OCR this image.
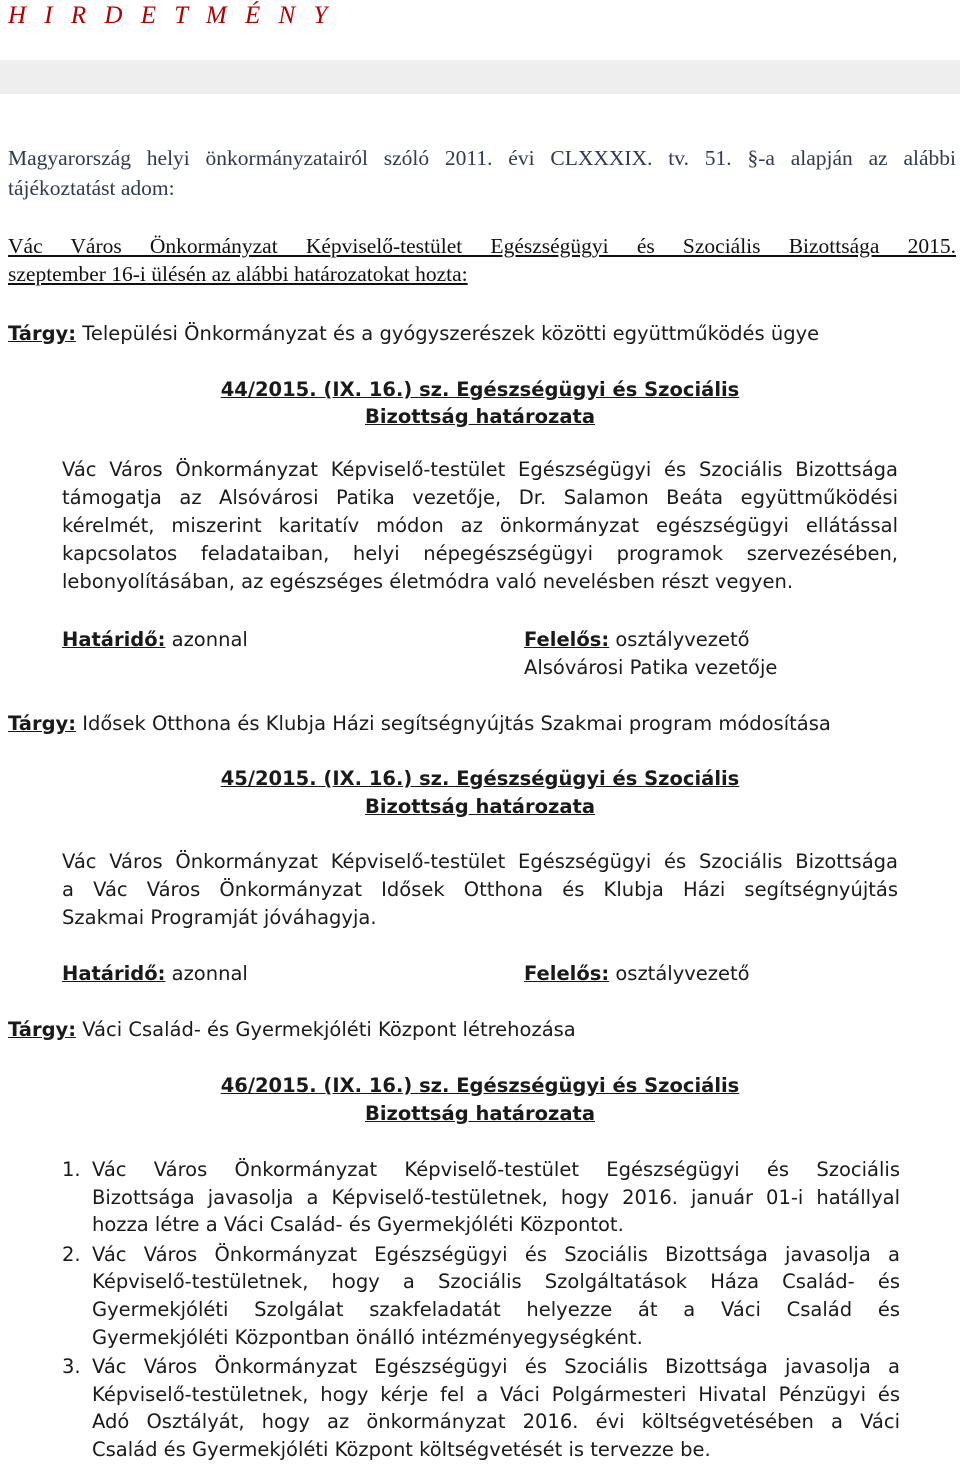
H I R D E T M É N Y
Magyarország helyi önkormányzatairól szóló 2011. évi CLXXXIX. tv. 51. §-a alapján az alábbi
tájékoztatást adom:
Vác Város Önkormányzat Képviselő-testület Egészségügyi és Szociális Bizottsága 2015.
szeptember 16-i ülésén az alábbi határozatokat hozta:
Tárgy: Települési Önkormányzat és a gyógyszerészek közötti együttműködés ügye
44/2015. (IX. 16.) sz. Egészségügyi és Szociális
Bizottság határozata
Vác Város Önkormányzat Képviselő-testület Egészségügyi és Szociális Bizottsága
támogatja az Alsóvárosi Patika vezetője, Dr. Salamon Beáta együttműködési
kérelmét, miszerint karitatív módon az önkormányzat egészségügyi ellátással
kapcsolatos feladataiban, helyi népegészségügyi programok szervezésében,
lebonyolításában, az egészséges életmódra való nevelésben részt vegyen.
Határidő: azonnal	Felelős: osztályvezető
Alsóvárosi Patika vezetője
Tárgy: Idősek Otthona és Klubja Házi segítségnyújtás Szakmai program módosítása
45/2015. (IX. 16.) sz. Egészségügyi és Szociális
Bizottság határozata
Vác Város Önkormányzat Képviselő-testület Egészségügyi és Szociális Bizottsága
a Vác Város Önkormányzat Idősek Otthona és Klubja Házi segítségnyújtás
Szakmai Programját jóváhagyja.
Határidő: azonnal	Felelős: osztályvezető
Tárgy: Váci Család- és Gyermekjóléti Központ létrehozása
46/2015. (IX. 16.) sz. Egészségügyi és Szociális
Bizottság határozata
1. Vác Város Önkormányzat Képviselő-testület Egészségügyi és Szociális
Bizottsága javasolja a Képviselő-testületnek, hogy 2016. január 01-i hatállyal
hozza létre a Váci Család- és Gyermekjóléti Központot.
2. Vác Város Önkormányzat Egészségügyi és Szociális Bizottsága javasolja a
Képviselő-testületnek, hogy a Szociális Szolgáltatások Háza Család- és
Gyermekjóléti Szolgálat szakfeladatát helyezze át a Váci Család és
Gyermekjóléti Központban önálló intézményegységként.
3. Vác Város Önkormányzat Egészségügyi és Szociális Bizottsága javasolja a
Képviselő-testületnek, hogy kérje fel a Váci Polgármesteri Hivatal Pénzügyi és
Adó Osztályát, hogy az önkormányzat 2016. évi költségvetésében a Váci
Család és Gyermekjóléti Központ költségvetését is tervezze be.
